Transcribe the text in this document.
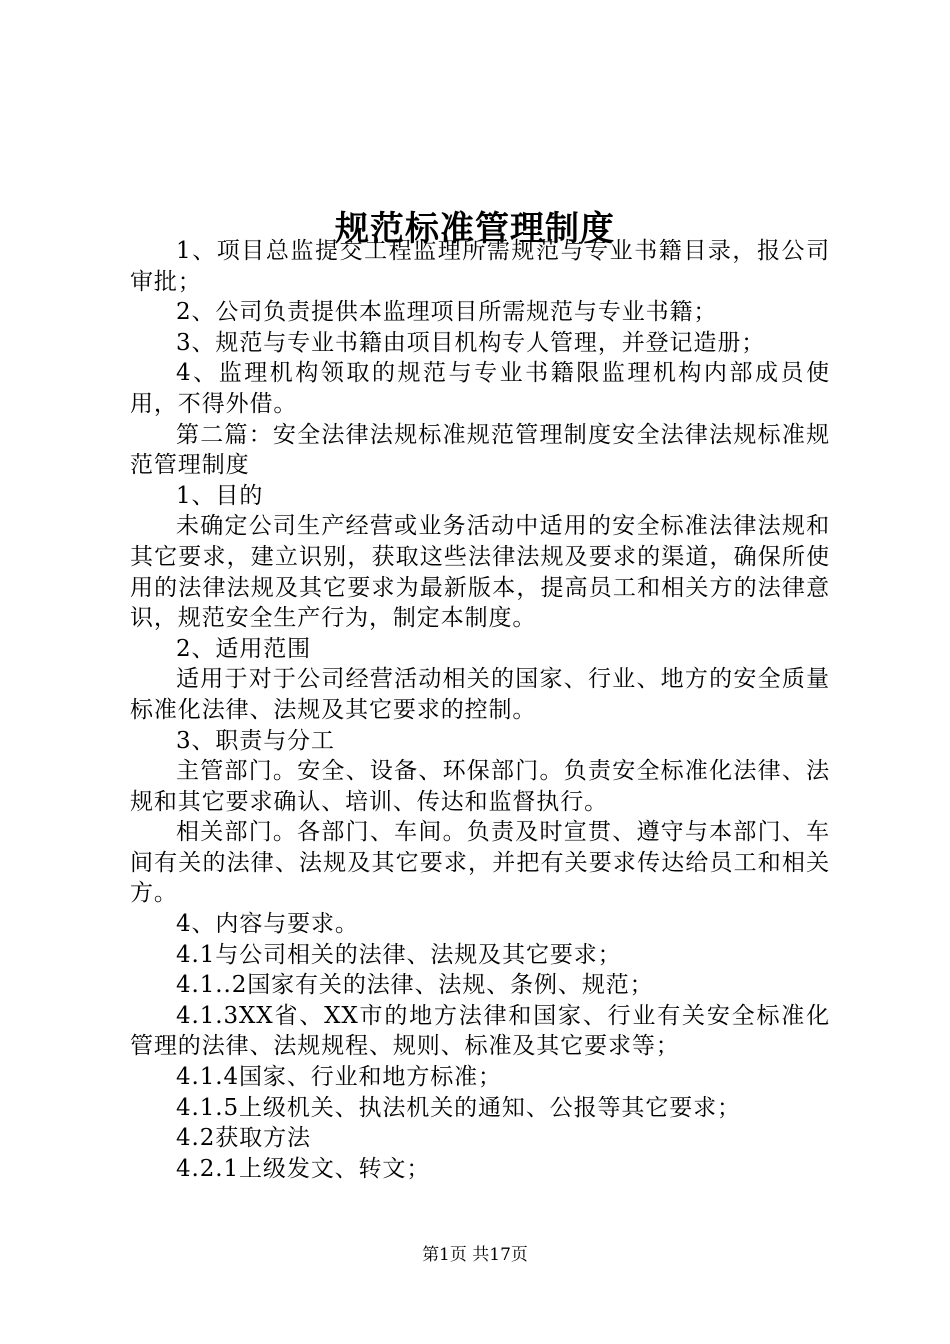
规范标准管理制度

1、项目总监提交工程监理所需规范与专业书籍目录，报公司审批；

2、公司负责提供本监理项目所需规范与专业书籍；

3、规范与专业书籍由项目机构专人管理，并登记造册；

4、监理机构领取的规范与专业书籍限监理机构内部成员使用，不得外借。

第二篇：安全法律法规标准规范管理制度安全法律法规标准规范管理制度

1、目的

未确定公司生产经营或业务活动中适用的安全标准法律法规和其它要求，建立识别，获取这些法律法规及要求的渠道，确保所使用的法律法规及其它要求为最新版本，提高员工和相关方的法律意识，规范安全生产行为，制定本制度。

2、适用范围

适用于对于公司经营活动相关的国家、行业、地方的安全质量标准化法律、法规及其它要求的控制。

3、职责与分工

主管部门。安全、设备、环保部门。负责安全标准化法律、法规和其它要求确认、培训、传达和监督执行。

相关部门。各部门、车间。负责及时宣贯、遵守与本部门、车间有关的法律、法规及其它要求，并把有关要求传达给员工和相关方。

4、内容与要求。

4.1与公司相关的法律、法规及其它要求；

4.1..2国家有关的法律、法规、条例、规范；

4.1.3XX省、XX市的地方法律和国家、行业有关安全标准化管理的法律、法规规程、规则、标准及其它要求等；

4.1.4国家、行业和地方标准；

4.1.5上级机关、执法机关的通知、公报等其它要求；

4.2获取方法

4.2.1上级发文、转文；

第1页 共17页
